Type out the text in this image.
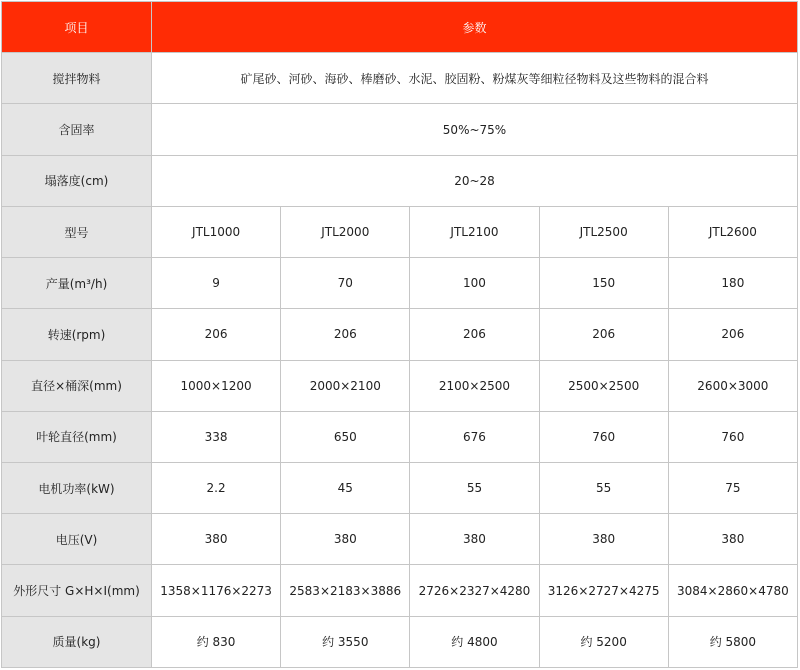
项目	参数				
搅拌物料	矿尾砂、河砂、海砂、棒磨砂、水泥、胶固粉、粉煤灰等细粒径物料及这些物料的混合料				
含固率	50%~75%				
塌落度(cm)	20~28				
型号	JTL1000	JTL2000	JTL2100	JTL2500	JTL2600
产量(m³/h)	9	70	100	150	180
转速(rpm)	206	206	206	206	206
直径×桶深(mm)	1000×1200	2000×2100	2100×2500	2500×2500	2600×3000
叶轮直径(mm)	338	650	676	760	760
电机功率(kW)	2.2	45	55	55	75
电压(V)	380	380	380	380	380
外形尺寸 G×H×I(mm)	1358×1176×2273	2583×2183×3886	2726×2327×4280	3126×2727×4275	3084×2860×4780
质量(kg)	约 830	约 3550	约 4800	约 5200	约 5800
